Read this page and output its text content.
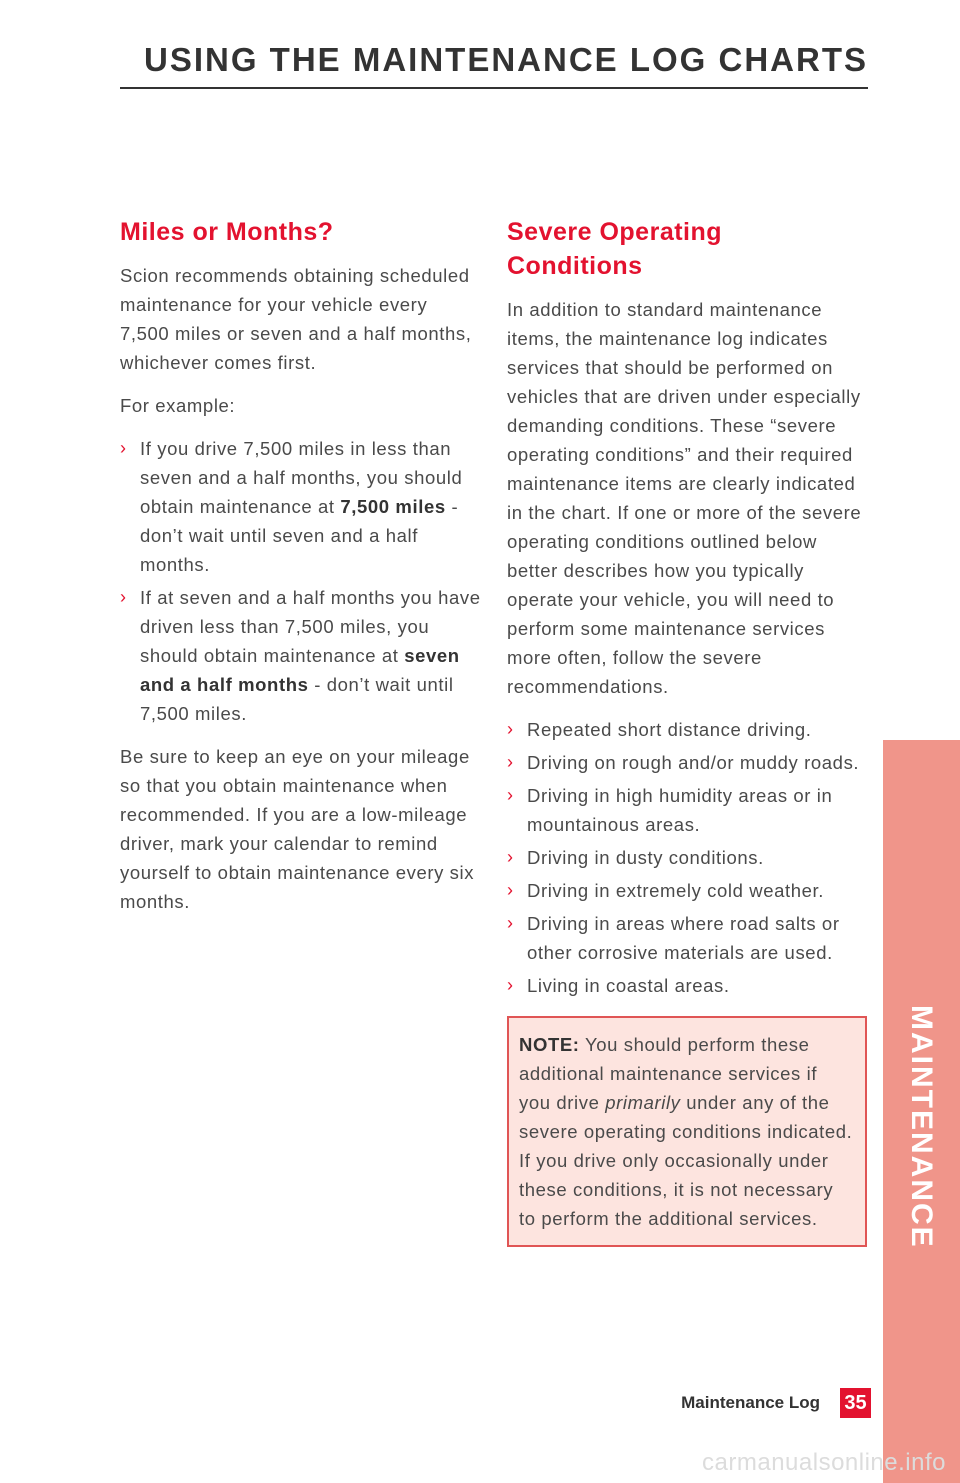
USING THE MAINTENANCE LOG CHARTS
Miles or Months?

Scion recommends obtaining scheduled maintenance for your vehicle every 7,500 miles or seven and a half months, whichever comes first.

For example:

› If you drive 7,500 miles in less than seven and a half months, you should obtain maintenance at 7,500 miles - don’t wait until seven and a half months.
› If at seven and a half months you have driven less than 7,500 miles, you should obtain maintenance at seven and a half months - don’t wait until 7,500 miles.

Be sure to keep an eye on your mileage so that you obtain maintenance when recommended. If you are a low-mileage driver, mark your calendar to remind yourself to obtain maintenance every six months.

Severe Operating Conditions

In addition to standard maintenance items, the maintenance log indicates services that should be performed on vehicles that are driven under especially demanding conditions. These “severe operating conditions” and their required maintenance items are clearly indicated in the chart. If one or more of the severe operating conditions outlined below better describes how you typically operate your vehicle, you will need to perform some maintenance services more often, follow the severe recommendations.

› Repeated short distance driving.
› Driving on rough and/or muddy roads.
› Driving in high humidity areas or in mountainous areas.
› Driving in dusty conditions.
› Driving in extremely cold weather.
› Driving in areas where road salts or other corrosive materials are used.
› Living in coastal areas.

NOTE: You should perform these additional maintenance services if you drive primarily under any of the severe operating conditions indicated. If you drive only occasionally under these conditions, it is not necessary to perform the additional services.	MAINTENANCE
Maintenance Log 35
carmanualsonline.info
